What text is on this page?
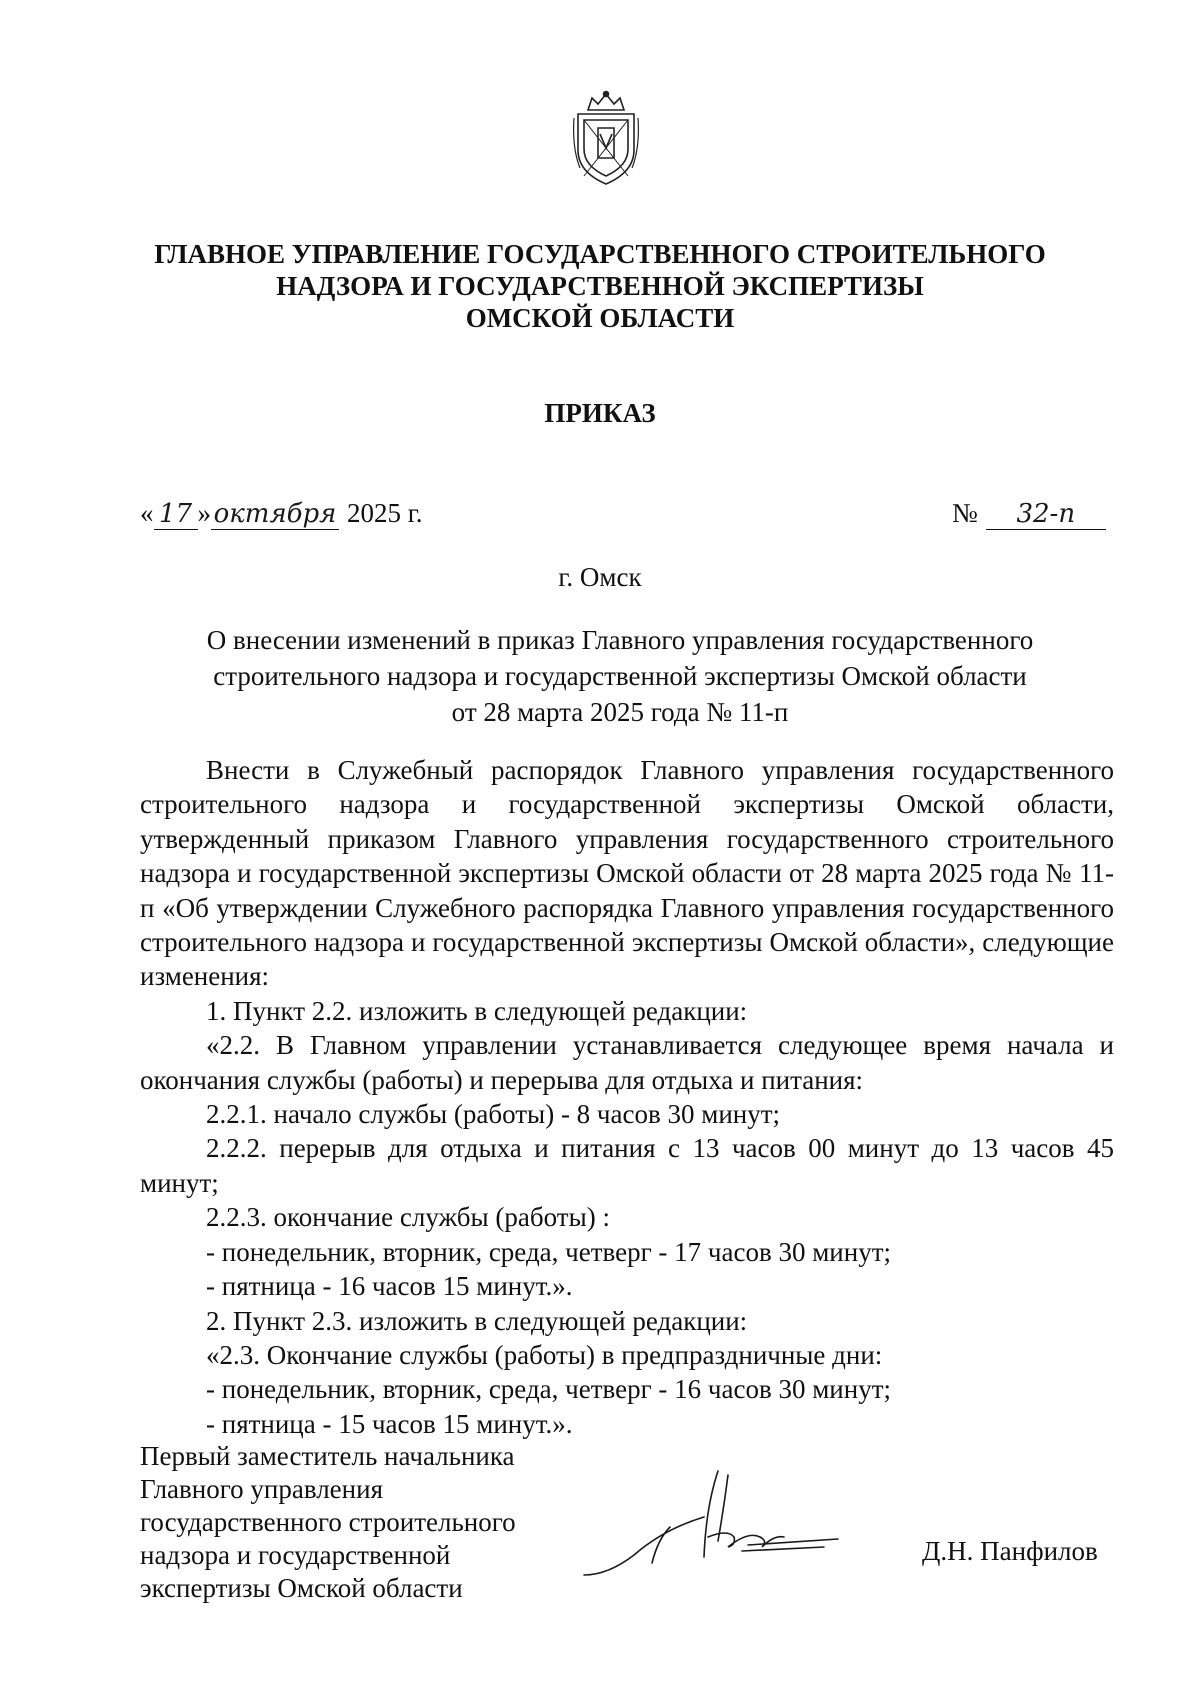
ГЛАВНОЕ УПРАВЛЕНИЕ ГОСУДАРСТВЕННОГО СТРОИТЕЛЬНОГО
НАДЗОРА И ГОСУДАРСТВЕННОЙ ЭКСПЕРТИЗЫ
ОМСКОЙ ОБЛАСТИ
ПРИКАЗ
« 17 » октября 2025 г.	№	32-п
г. Омск
О внесении изменений в приказ Главного управления государственного
строительного надзора и государственной экспертизы Омской области
от 28 марта 2025 года № 11-п

Внести в Служебный распорядок Главного управления государственного строительного надзора и государственной экспертизы Омской области, утвержденный приказом Главного управления государственного строительного надзора и государственной экспертизы Омской области от 28 марта 2025 года № 11-п «Об утверждении Служебного распорядка Главного управления государственного строительного надзора и государственной экспертизы Омской области», следующие изменения:

1. Пункт 2.2. изложить в следующей редакции:

«2.2. В Главном управлении устанавливается следующее время начала и окончания службы (работы) и перерыва для отдыха и питания:

2.2.1. начало службы (работы) - 8 часов 30 минут;

2.2.2. перерыв для отдыха и питания с 13 часов 00 минут до 13 часов 45 минут;

2.2.3. окончание службы (работы) :

- понедельник, вторник, среда, четверг - 17 часов 30 минут;

- пятница - 16 часов 15 минут.».

2. Пункт 2.3. изложить в следующей редакции:

«2.3. Окончание службы (работы) в предпраздничные дни:

- понедельник, вторник, среда, четверг - 16 часов 30 минут;

- пятница - 15 часов 15 минут.».

Первый заместитель начальника
Главного управления
государственного строительного
надзора и государственной
экспертизы Омской области
Д.Н. Панфилов
